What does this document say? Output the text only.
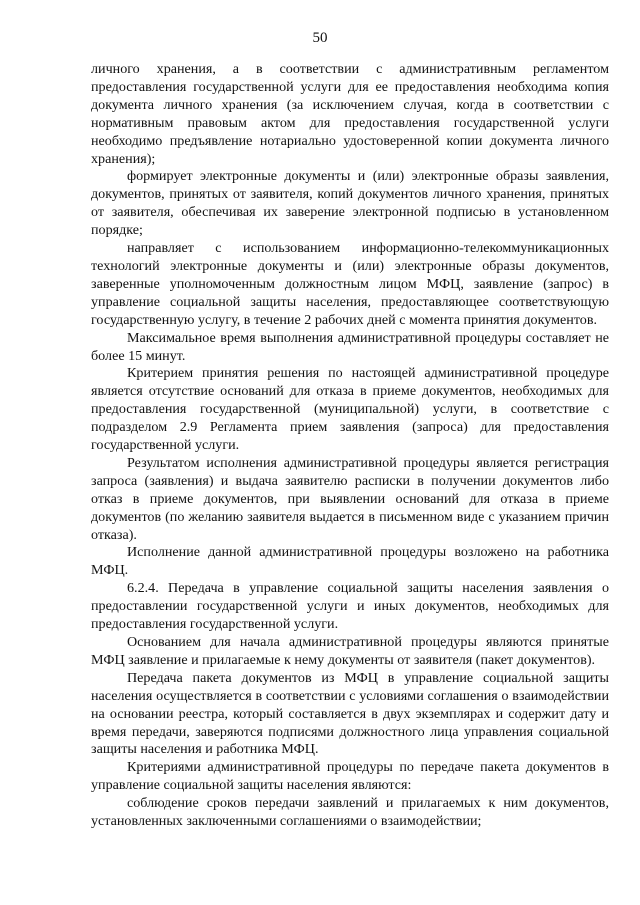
50

личного хранения, а в соответствии с административным регламентом предоставления государственной услуги для ее предоставления необходима копия документа личного хранения (за исключением случая, когда в соответствии с нормативным правовым актом для предоставления государственной услуги необходимо предъявление нотариально удостоверенной копии документа личного хранения);

формирует электронные документы и (или) электронные образы заявления, документов, принятых от заявителя, копий документов личного хранения, принятых от заявителя, обеспечивая их заверение электронной подписью в установленном порядке;

направляет с использованием информационно-телекоммуникационных технологий электронные документы и (или) электронные образы документов, заверенные уполномоченным должностным лицом МФЦ, заявление (запрос) в управление социальной защиты населения, предоставляющее соответствующую государственную услугу, в течение 2 рабочих дней с момента принятия документов.

Максимальное время выполнения административной процедуры составляет не более 15 минут.

Критерием принятия решения по настоящей административной процедуре является отсутствие оснований для отказа в приеме документов, необходимых для предоставления государственной (муниципальной) услуги, в соответствие с подразделом 2.9 Регламента прием заявления (запроса) для предоставления государственной услуги.

Результатом исполнения административной процедуры является регистрация запроса (заявления) и выдача заявителю расписки в получении документов либо отказ в приеме документов, при выявлении оснований для отказа в приеме документов (по желанию заявителя выдается в письменном виде с указанием причин отказа).

Исполнение данной административной процедуры возложено на работника МФЦ.

6.2.4. Передача в управление социальной защиты населения заявления о предоставлении государственной услуги и иных документов, необходимых для предоставления государственной услуги.

Основанием для начала административной процедуры являются принятые МФЦ заявление и прилагаемые к нему документы от заявителя (пакет документов).

Передача пакета документов из МФЦ в управление социальной защиты населения осуществляется в соответствии с условиями соглашения о взаимодействии на основании реестра, который составляется в двух экземплярах и содержит дату и время передачи, заверяются подписями должностного лица управления социальной защиты населения и работника МФЦ.

Критериями административной процедуры по передаче пакета документов в управление социальной защиты населения являются:

соблюдение сроков передачи заявлений и прилагаемых к ним документов, установленных заключенными соглашениями о взаимодействии;
